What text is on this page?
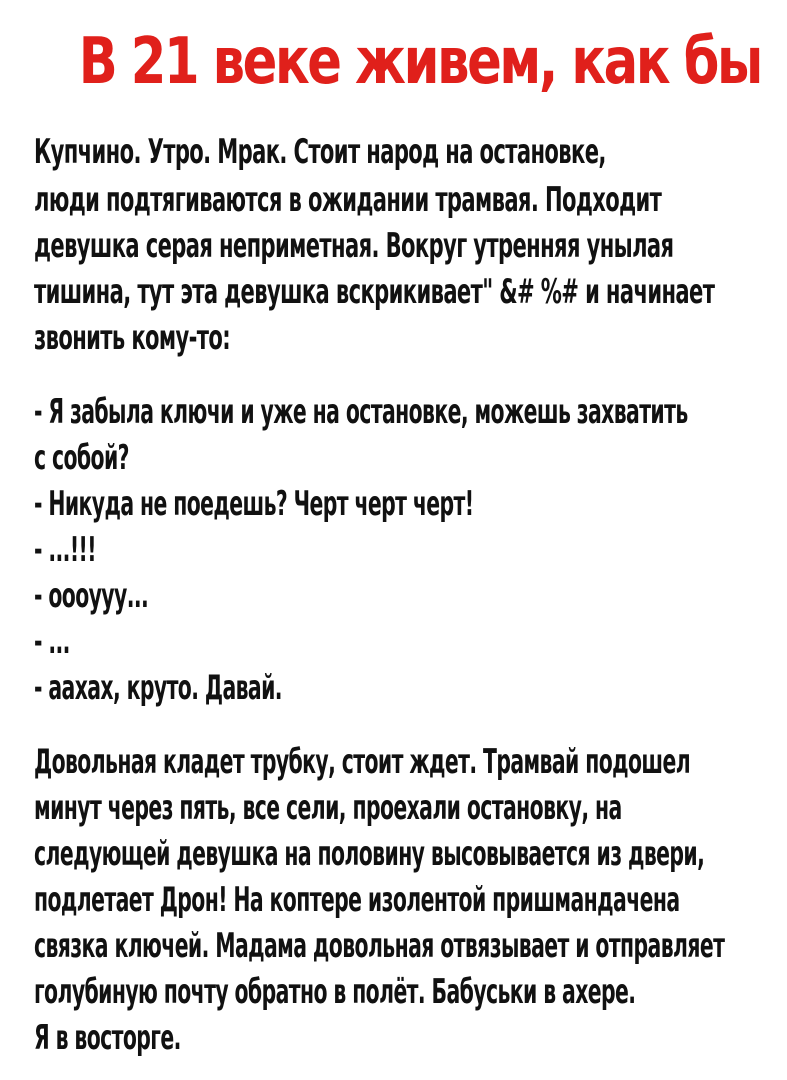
В 21 веке живем, как бы
Купчино. Утро. Мрак. Стоит народ на остановке,
люди подтягиваются в ожидании трамвая. Подходит
девушка серая неприметная. Вокруг утренняя унылая
тишина, тут эта девушка вскрикивает" &# %# и начинает
звонить кому-то:
- Я забыла ключи и уже на остановке, можешь захватить
с собой?
- Никуда не поедешь? Черт черт черт!
- ...!!!
- оооууу...
- ...
- аахах, круто. Давай.
Довольная кладет трубку, стоит ждет. Трамвай подошел
минут через пять, все сели, проехали остановку, на
следующей девушка на половину высовывается из двери,
подлетает Дрон! На коптере изолентой пришмандачена
связка ключей. Мадама довольная отвязывает и отправляет
голубиную почту обратно в полёт. Бабуськи в ахере.
Я в восторге.
